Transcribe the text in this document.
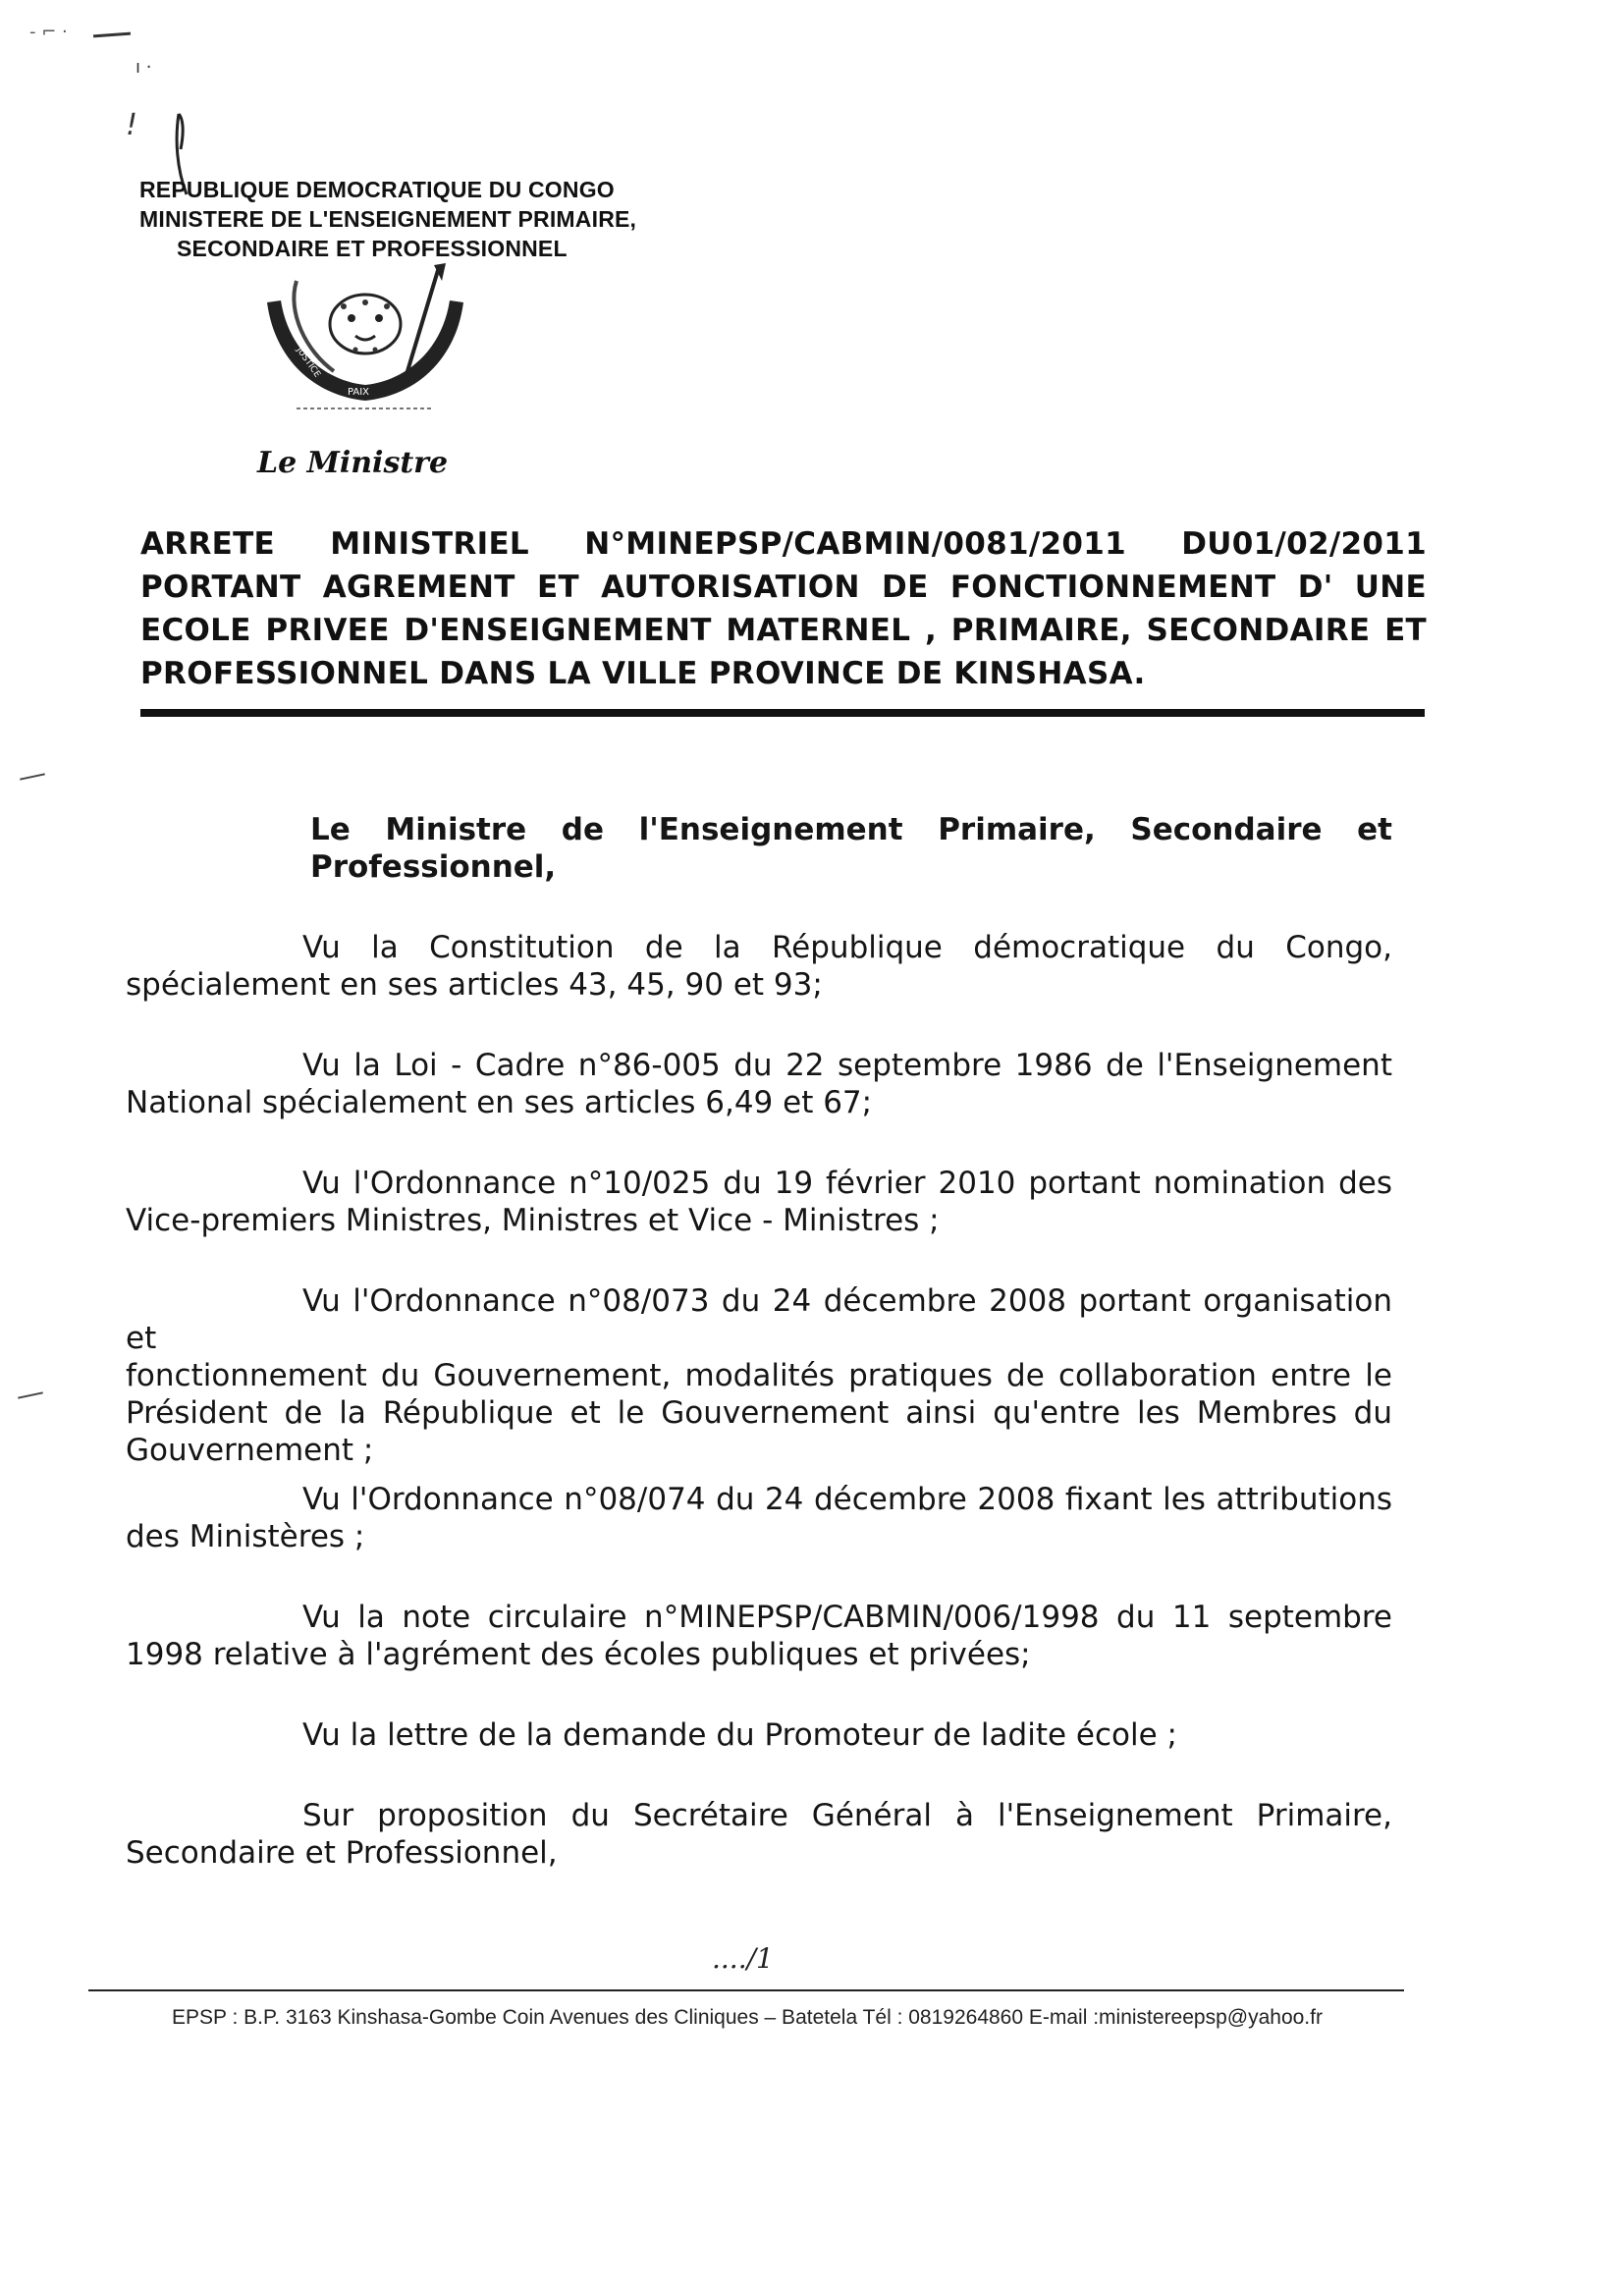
‐ ⌐ ·
ı ·
!
REPUBLIQUE DEMOCRATIQUE DU CONGO
MINISTERE DE L'ENSEIGNEMENT PRIMAIRE,
SECONDAIRE ET PROFESSIONNEL
JUSTICE
PAIX
TRAVAIL
Le Ministre
ARRETE MINISTRIEL N°MINEPSP/CABMIN/0081/2011 DU01/02/2011
PORTANT AGREMENT ET AUTORISATION DE FONCTIONNEMENT D' UNE
ECOLE PRIVEE D'ENSEIGNEMENT MATERNEL , PRIMAIRE, SECONDAIRE ET
PROFESSIONNEL DANS LA VILLE PROVINCE DE KINSHASA.
Le Ministre de l'Enseignement Primaire, Secondaire et
Professionnel,
Vu la Constitution de la République démocratique du Congo,
spécialement en ses articles 43, 45, 90 et 93;
Vu la Loi - Cadre n°86-005 du 22 septembre 1986 de l'Enseignement
National spécialement en ses articles 6,49 et 67;
Vu l'Ordonnance n°10/025 du 19 février 2010 portant nomination des
Vice-premiers Ministres, Ministres et Vice - Ministres ;
Vu l'Ordonnance n°08/073 du 24 décembre 2008 portant organisation et
fonctionnement du Gouvernement, modalités pratiques de collaboration entre le Président de la République et le Gouvernement ainsi qu'entre les Membres du Gouvernement ;
Vu l'Ordonnance n°08/074 du 24 décembre 2008 fixant les attributions
des Ministères ;
Vu la note circulaire n°MINEPSP/CABMIN/006/1998 du 11 septembre
1998 relative à l'agrément des écoles publiques et privées;
Vu la lettre de la demande du Promoteur de ladite école ;
Sur proposition du Secrétaire Général à l'Enseignement Primaire,
Secondaire et Professionnel,
..../1
EPSP : B.P. 3163 Kinshasa-Gombe Coin Avenues des Cliniques – Batetela Tél : 0819264860 E-mail :ministereepsp@yahoo.fr
